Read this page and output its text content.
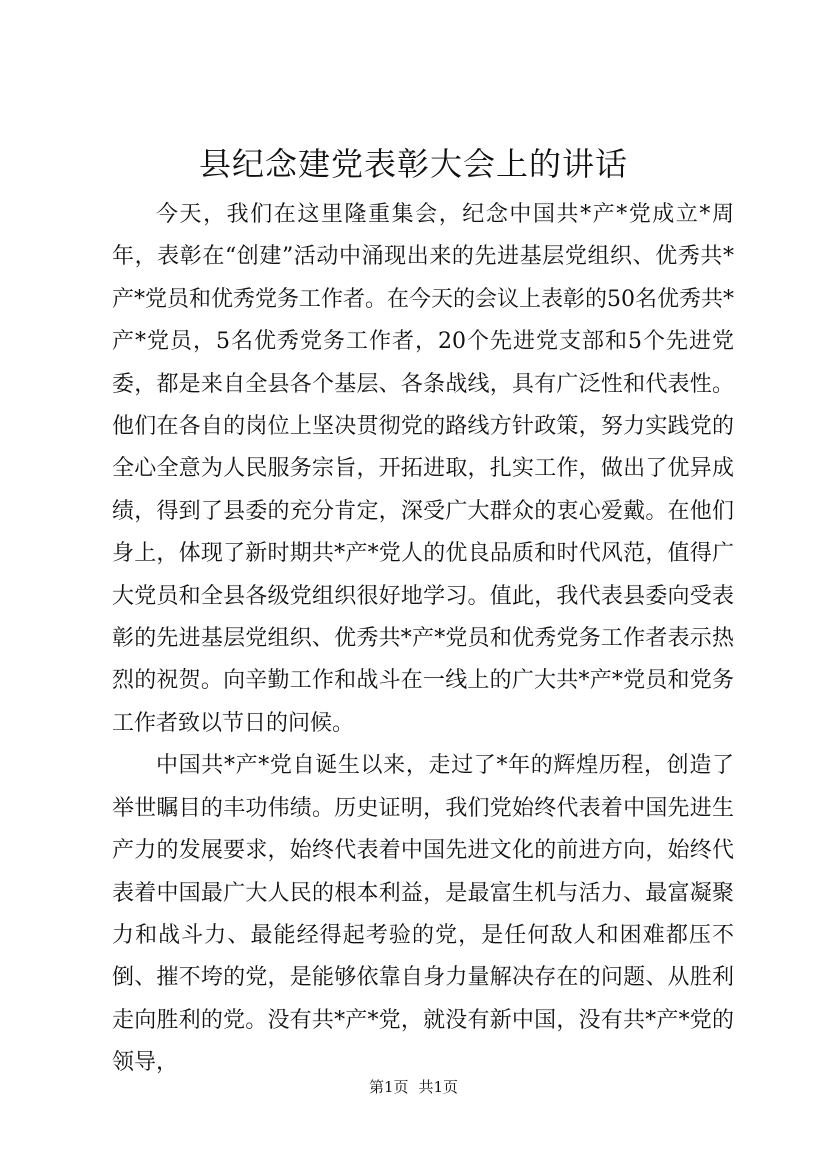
县纪念建党表彰大会上的讲话

今天，我们在这里隆重集会，纪念中国共*产*党成立*周年，表彰在“创建”活动中涌现出来的先进基层党组织、优秀共*产*党员和优秀党务工作者。在今天的会议上表彰的50名优秀共*产*党员，5名优秀党务工作者，20个先进党支部和5个先进党委，都是来自全县各个基层、各条战线，具有广泛性和代表性。他们在各自的岗位上坚决贯彻党的路线方针政策，努力实践党的全心全意为人民服务宗旨，开拓进取，扎实工作，做出了优异成绩，得到了县委的充分肯定，深受广大群众的衷心爱戴。在他们身上，体现了新时期共*产*党人的优良品质和时代风范，值得广大党员和全县各级党组织很好地学习。值此，我代表县委向受表彰的先进基层党组织、优秀共*产*党员和优秀党务工作者表示热烈的祝贺。向辛勤工作和战斗在一线上的广大共*产*党员和党务工作者致以节日的问候。

中国共*产*党自诞生以来，走过了*年的辉煌历程，创造了举世瞩目的丰功伟绩。历史证明，我们党始终代表着中国先进生产力的发展要求，始终代表着中国先进文化的前进方向，始终代表着中国最广大人民的根本利益，是最富生机与活力、最富凝聚力和战斗力、最能经得起考验的党，是任何敌人和困难都压不倒、摧不垮的党，是能够依靠自身力量解决存在的问题、从胜利走向胜利的党。没有共*产*党，就没有新中国，没有共*产*党的领导，

第1页 共1页
